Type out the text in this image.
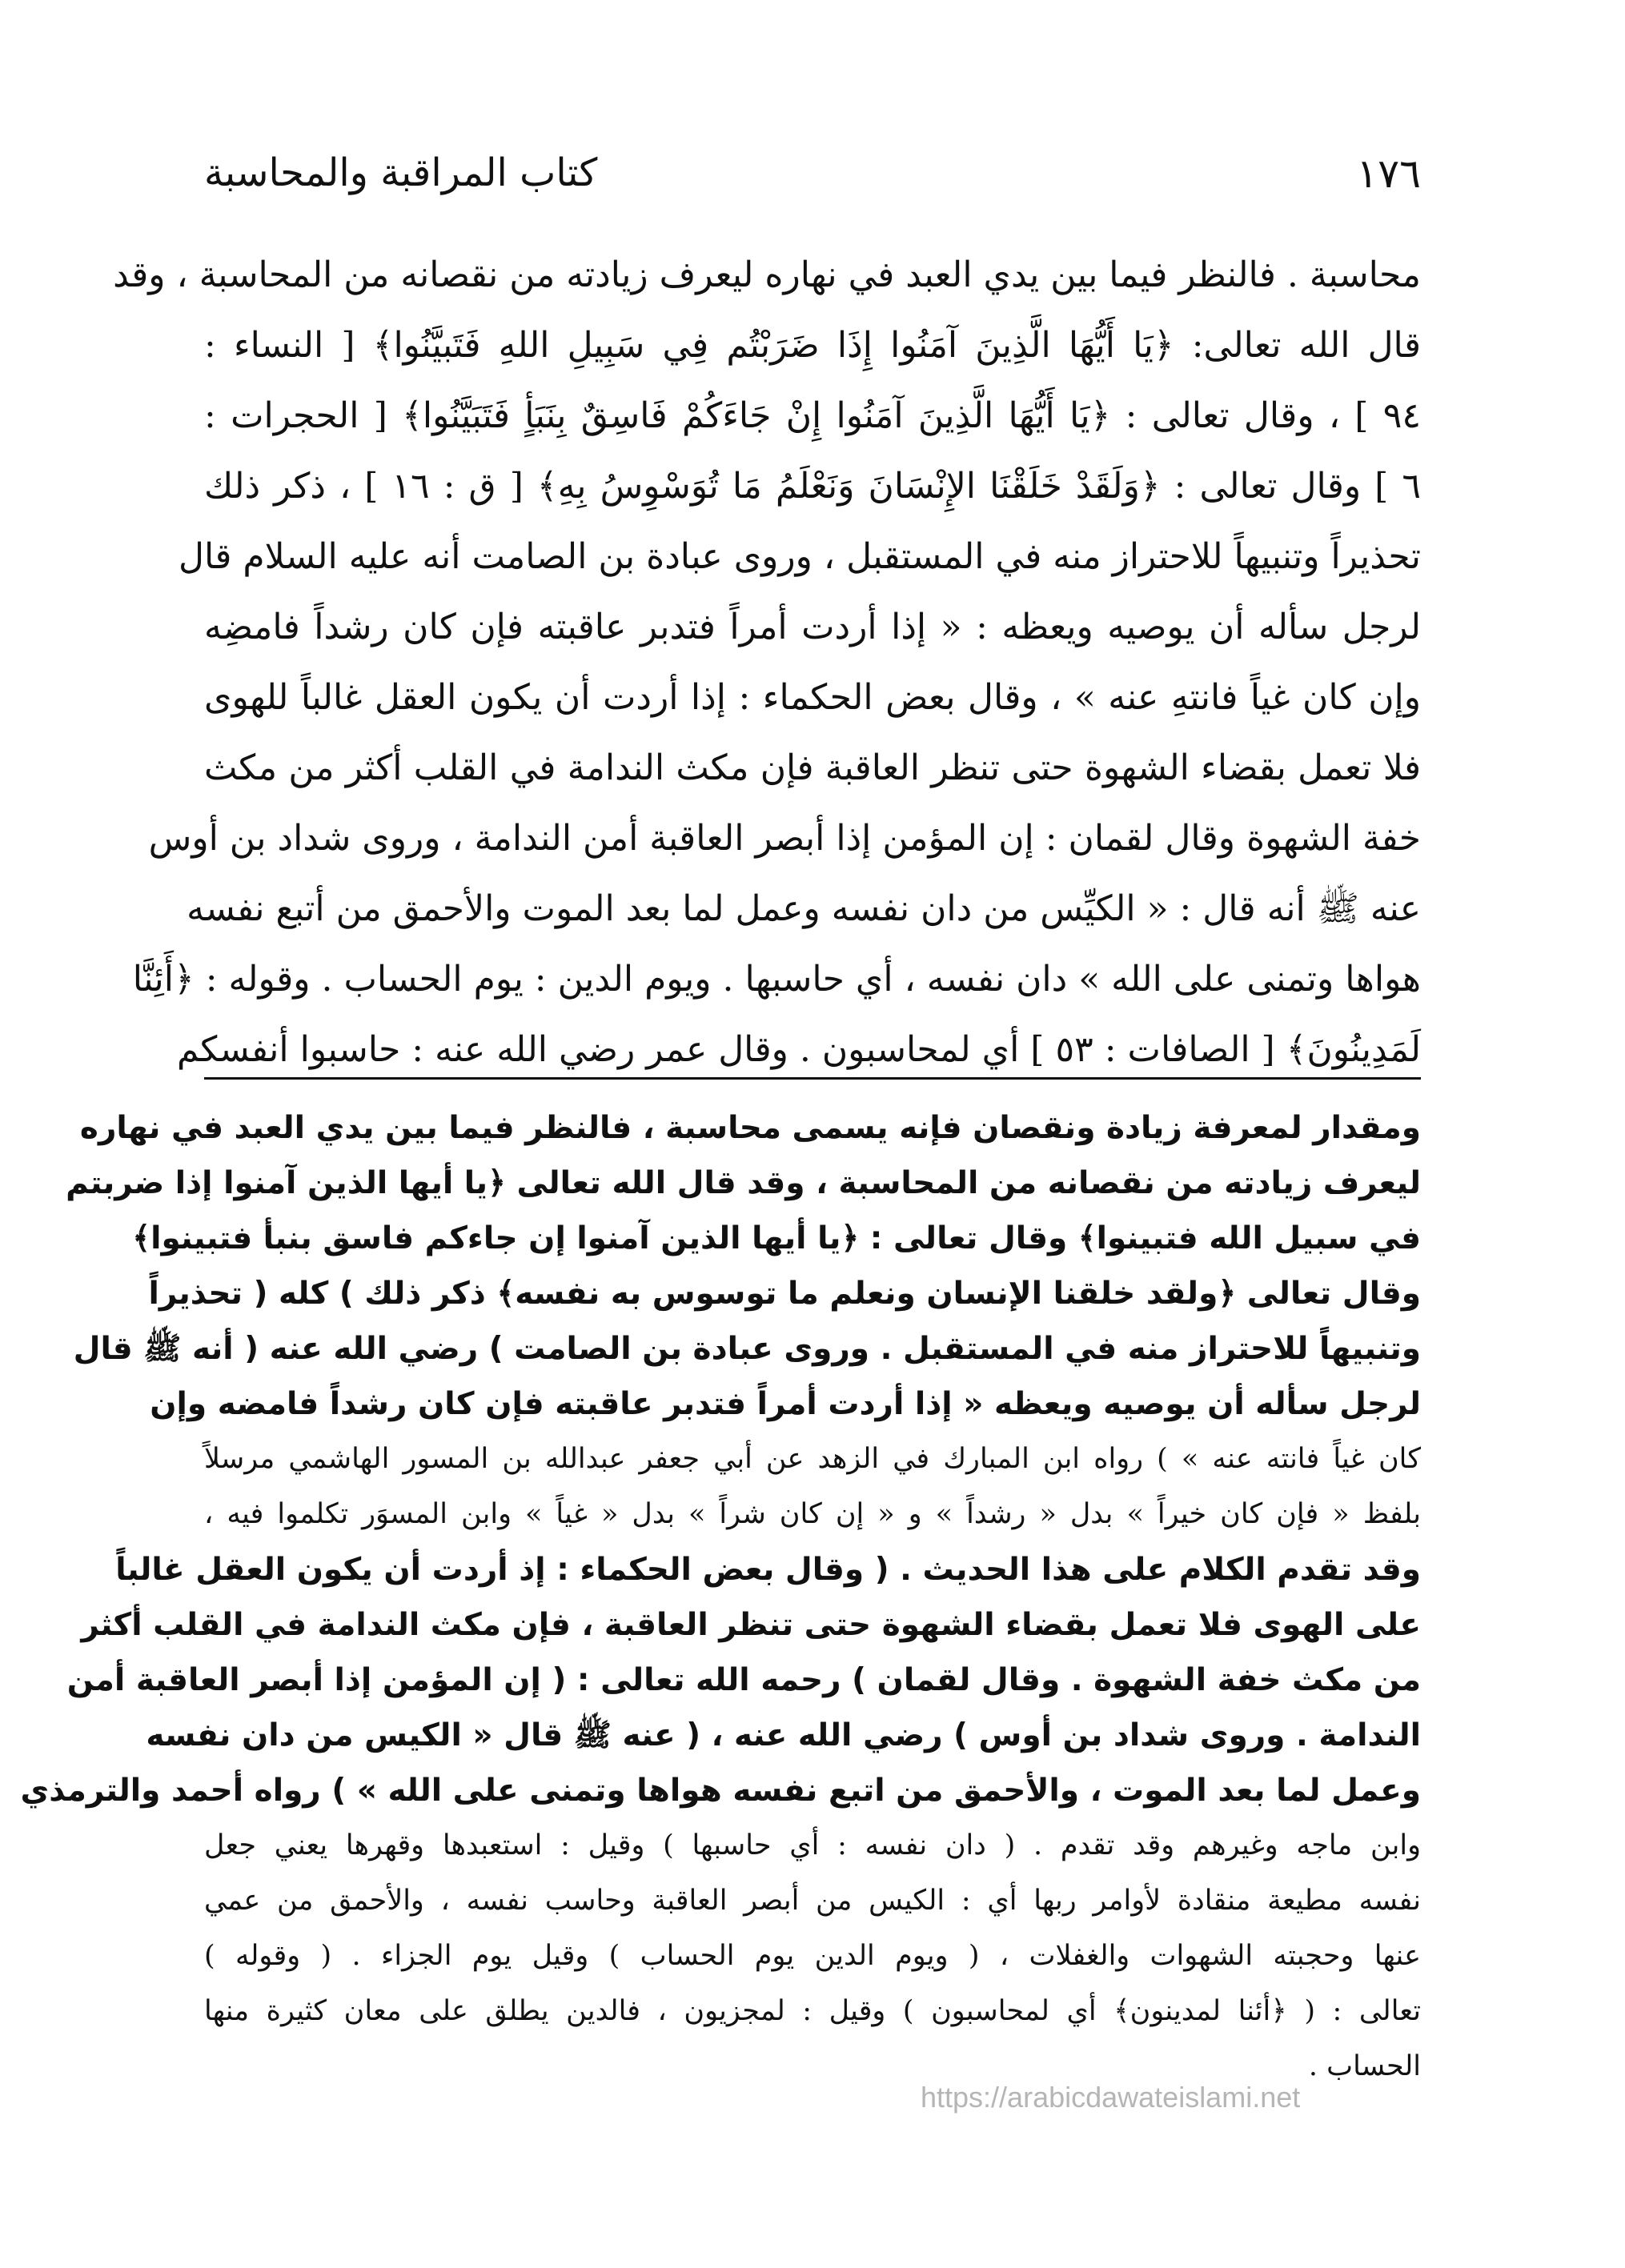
١٧٦
كتاب المراقبة والمحاسبة
محاسبة . فالنظر فيما بين يدي العبد في نهاره ليعرف زيادته من نقصانه من المحاسبة ، وقد
قال الله تعالى: ﴿يَا أَيُّهَا الَّذِينَ آمَنُوا إِذَا ضَرَبْتُم فِي سَبِيلِ اللهِ فَتَبيَّنُوا﴾ [ النساء :
٩٤ ] ، وقال تعالى : ﴿يَا أَيُّهَا الَّذِينَ آمَنُوا إِنْ جَاءَكُمْ فَاسِقٌ بِنَبَأٍ فَتَبَيَّنُوا﴾ [ الحجرات :
٦ ] وقال تعالى : ﴿وَلَقَدْ خَلَقْنَا الإِنْسَانَ وَنَعْلَمُ مَا تُوَسْوِسُ بِهِ﴾ [ ق : ١٦ ] ، ذكر ذلك
تحذيراً وتنبيهاً للاحتراز منه في المستقبل ، وروى عبادة بن الصامت أنه عليه السلام قال
لرجل سأله أن يوصيه ويعظه : « إذا أردت أمراً فتدبر عاقبته فإن كان رشداً فامضِه
وإن كان غياً فانتهِ عنه » ، وقال بعض الحكماء : إذا أردت أن يكون العقل غالباً للهوى
فلا تعمل بقضاء الشهوة حتى تنظر العاقبة فإن مكث الندامة في القلب أكثر من مكث
خفة الشهوة وقال لقمان : إن المؤمن إذا أبصر العاقبة أمن الندامة ، وروى شداد بن أوس
عنه ﷺ أنه قال : « الكيِّس من دان نفسه وعمل لما بعد الموت والأحمق من أتبع نفسه
هواها وتمنى على الله » دان نفسه ، أي حاسبها . ويوم الدين : يوم الحساب . وقوله : ﴿أَئِنَّا
لَمَدِينُونَ﴾ [ الصافات : ٥٣ ] أي لمحاسبون . وقال عمر رضي الله عنه : حاسبوا أنفسكم
ومقدار لمعرفة زيادة ونقصان فإنه يسمى محاسبة ، فالنظر فيما بين يدي العبد في نهاره
ليعرف زيادته من نقصانه من المحاسبة ، وقد قال الله تعالى ﴿يا أيها الذين آمنوا إذا ضربتم
في سبيل الله فتبينوا﴾ وقال تعالى : ﴿يا أيها الذين آمنوا إن جاءكم فاسق بنبأ فتبينوا﴾
وقال تعالى ﴿ولقد خلقنا الإنسان ونعلم ما توسوس به نفسه﴾ ذكر ذلك ) كله ( تحذيراً
وتنبيهاً للاحتراز منه في المستقبل . وروى عبادة بن الصامت ) رضي الله عنه ( أنه ﷺ قال
لرجل سأله أن يوصيه ويعظه « إذا أردت أمراً فتدبر عاقبته فإن كان رشداً فامضه وإن
كان غياً فانته عنه » ) رواه ابن المبارك في الزهد عن أبي جعفر عبدالله بن المسور الهاشمي مرسلاً
بلفظ « فإن كان خيراً » بدل « رشداً » و « إن كان شراً » بدل « غياً » وابن المسوَر تكلموا فيه ،
وقد تقدم الكلام على هذا الحديث . ( وقال بعض الحكماء : إذ أردت أن يكون العقل غالباً
على الهوى فلا تعمل بقضاء الشهوة حتى تنظر العاقبة ، فإن مكث الندامة في القلب أكثر
من مكث خفة الشهوة . وقال لقمان ) رحمه الله تعالى : ( إن المؤمن إذا أبصر العاقبة أمن
الندامة . وروى شداد بن أوس ) رضي الله عنه ، ( عنه ﷺ قال « الكيس من دان نفسه
وعمل لما بعد الموت ، والأحمق من اتبع نفسه هواها وتمنى على الله » ) رواه أحمد والترمذي
وابن ماجه وغيرهم وقد تقدم . ( دان نفسه : أي حاسبها ) وقيل : استعبدها وقهرها يعني جعل
نفسه مطيعة منقادة لأوامر ربها أي : الكيس من أبصر العاقبة وحاسب نفسه ، والأحمق من عمي
عنها وحجبته الشهوات والغفلات ، ( ويوم الدين يوم الحساب ) وقيل يوم الجزاء . ( وقوله )
تعالى : ( ﴿أئنا لمدينون﴾ أي لمحاسبون ) وقيل : لمجزيون ، فالدين يطلق على معان كثيرة منها
الحساب .
https://arabicdawateislami.net
